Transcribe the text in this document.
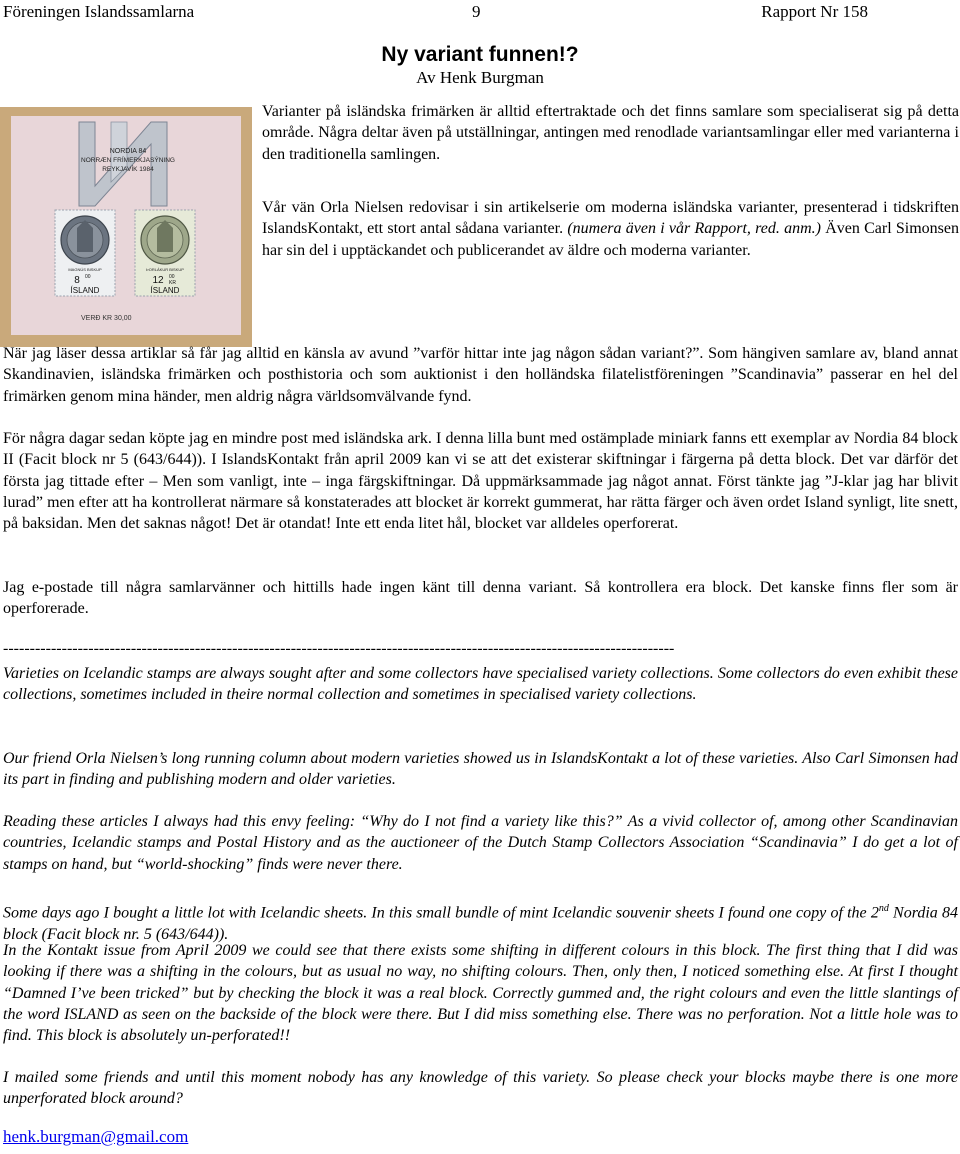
Föreningen Islandssamlarna	9	Rapport Nr 158
Ny variant funnen!?
Av Henk Burgman
NORDIA 84
NORRÆN FRÍMERKJASÝNING
REYKJAVÍK 1984
MAGNÚS BISKUP
8 00
ÍSLAND
ÞORLÁKUR BISKUP
12 00
KR
ÍSLAND
VERÐ KR 30,00

Varianter på isländska frimärken är alltid eftertraktade och det finns samlare som specialiserat sig på detta område. Några deltar även på utställningar, antingen med renodlade variantsamlingar eller med varianterna i den traditionella samlingen.

Vår vän Orla Nielsen redovisar i sin artikelserie om moderna isländska varianter, presenterad i tidskriften IslandsKontakt, ett stort antal sådana varianter. (numera även i vår Rapport, red. anm.) Även Carl Simonsen har sin del i upptäckandet och publicerandet av äldre och moderna varianter.

När jag läser dessa artiklar så får jag alltid en känsla av avund ”varför hittar inte jag någon sådan variant?”. Som hängiven samlare av, bland annat Skandinavien, isländska frimärken och posthistoria och som auktionist i den holländska filatelistföreningen ”Scandinavia” passerar en hel del frimärken genom mina händer, men aldrig några världsomvälvande fynd.

För några dagar sedan köpte jag en mindre post med isländska ark. I denna lilla bunt med ostämplade miniark fanns ett exemplar av Nordia 84 block II (Facit block nr 5 (643/644)). I IslandsKontakt från april 2009 kan vi se att det existerar skiftningar i färgerna på detta block. Det var därför det första jag tittade efter – Men som vanligt, inte – inga färgskiftningar. Då uppmärksammade jag något annat. Först tänkte jag ”J-klar jag har blivit lurad” men efter att ha kontrollerat närmare så konstaterades att blocket är korrekt gummerat, har rätta färger och även ordet Island synligt, lite snett, på baksidan. Men det saknas något! Det är otandat! Inte ett enda litet hål, blocket var alldeles operforerat.

Jag e-postade till några samlarvänner och hittills hade ingen känt till denna variant. Så kontrollera era block. Det kanske finns fler som är operforerade.

------------------------------------------------------------------------------------------------------------------------------

Varieties on Icelandic stamps are always sought after and some collectors have specialised variety collections. Some collectors do even exhibit these collections, sometimes included in theire normal collection and sometimes in specialised variety collections.

Our friend Orla Nielsen’s long running column about modern varieties showed us in IslandsKontakt a lot of these varieties. Also Carl Simonsen had its part in finding and publishing modern and older varieties.

Reading these articles I always had this envy feeling: “Why do I not find a variety like this?” As a vivid collector of, among other Scandinavian countries, Icelandic stamps and Postal History and as the auctioneer of the Dutch Stamp Collectors Association “Scandinavia” I do get a lot of stamps on hand, but “world-shocking” finds were never there.

Some days ago I bought a little lot with Icelandic sheets. In this small bundle of mint Icelandic souvenir sheets I found one copy of the 2nd Nordia 84 block (Facit block nr. 5 (643/644)).

In the Kontakt issue from April 2009 we could see that there exists some shifting in different colours in this block. The first thing that I did was looking if there was a shifting in the colours, but as usual no way, no shifting colours. Then, only then, I noticed something else. At first I thought “Damned I’ve been tricked” but by checking the block it was a real block. Correctly gummed and, the right colours and even the little slantings of the word ISLAND as seen on the backside of the block were there. But I did miss something else. There was no perforation. Not a little hole was to find. This block is absolutely un-perforated!!

I mailed some friends and until this moment nobody has any knowledge of this variety. So please check your blocks maybe there is one more unperforated block around?

henk.burgman@gmail.com
